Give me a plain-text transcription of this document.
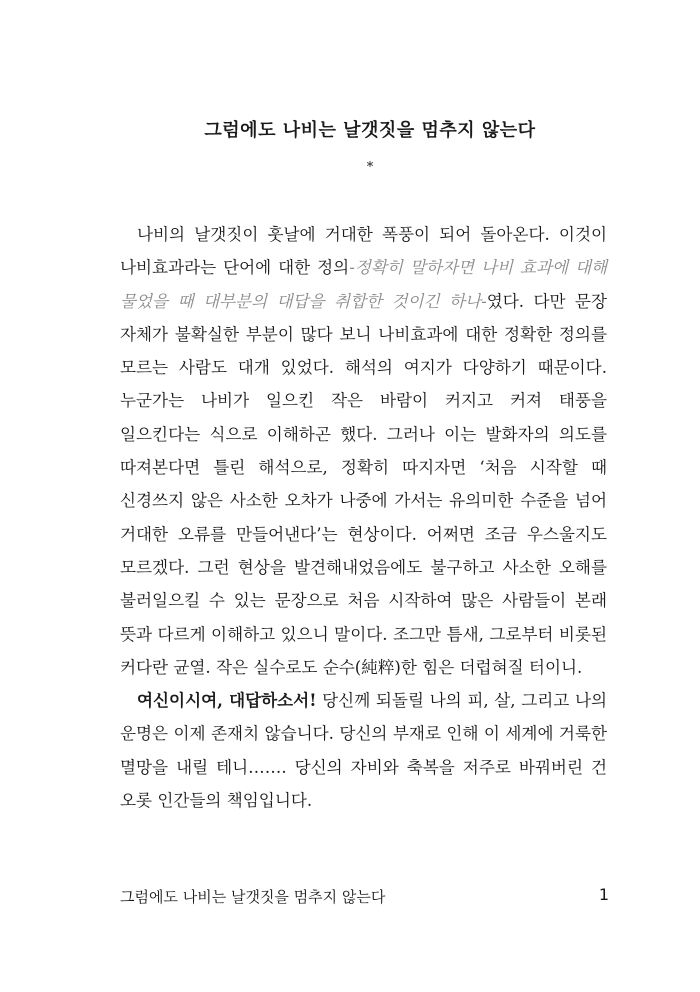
그럼에도 나비는 날갯짓을 멈추지 않는다
*

나비의 날갯짓이 훗날에 거대한 폭풍이 되어 돌아온다. 이것이 나비효과라는 단어에 대한 정의-정확히 말하자면 나비 효과에 대해 물었을 때 대부분의 대답을 취합한 것이긴 하나-였다. 다만 문장 자체가 불확실한 부분이 많다 보니 나비효과에 대한 정확한 정의를 모르는 사람도 대개 있었다. 해석의 여지가 다양하기 때문이다. 누군가는 나비가 일으킨 작은 바람이 커지고 커져 태풍을 일으킨다는 식으로 이해하곤 했다. 그러나 이는 발화자의 의도를 따져본다면 틀린 해석으로, 정확히 따지자면 ‘처음 시작할 때 신경쓰지 않은 사소한 오차가 나중에 가서는 유의미한 수준을 넘어 거대한 오류를 만들어낸다’는 현상이다. 어쩌면 조금 우스울지도 모르겠다. 그런 현상을 발견해내었음에도 불구하고 사소한 오해를 불러일으킬 수 있는 문장으로 처음 시작하여 많은 사람들이 본래 뜻과 다르게 이해하고 있으니 말이다. 조그만 틈새, 그로부터 비롯된 커다란 균열. 작은 실수로도 순수(純粹)한 힘은 더럽혀질 터이니.

여신이시여, 대답하소서! 당신께 되돌릴 나의 피, 살, 그리고 나의 운명은 이제 존재치 않습니다. 당신의 부재로 인해 이 세계에 거룩한 멸망을 내릴 테니……. 당신의 자비와 축복을 저주로 바꿔버린 건 오롯 인간들의 책임입니다.

그럼에도 나비는 날갯짓을 멈추지 않는다	1
